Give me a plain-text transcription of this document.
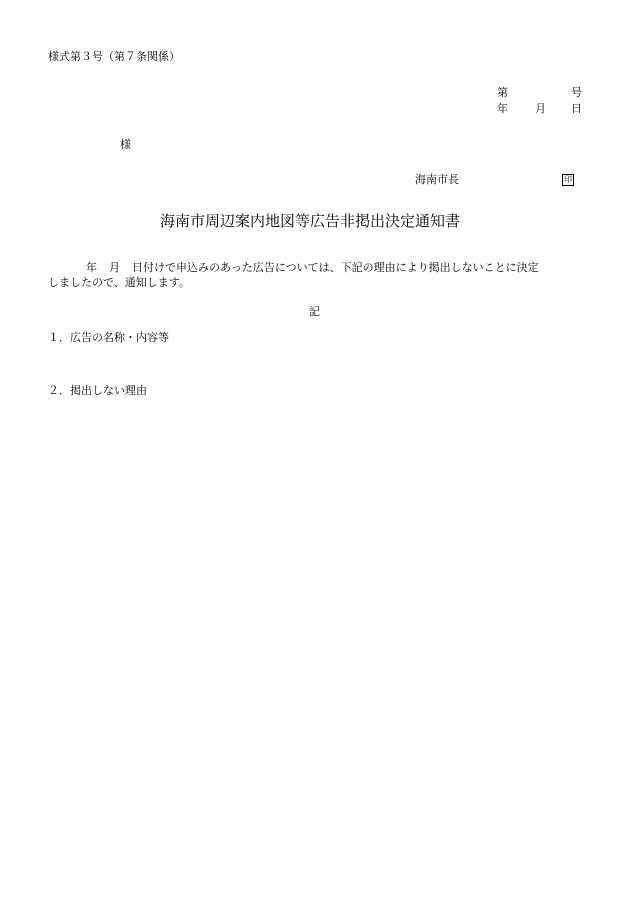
様式第３号（第７条関係）

第	号
年 月 日
様
海南市長	印
海南市周辺案内地図等広告非掲出決定通知書
年 月 日付けで申込みのあった広告については、下記の理由により掲出しないことに決定

しましたので、通知します。

記

１．広告の名称・内容等

２．掲出しない理由
